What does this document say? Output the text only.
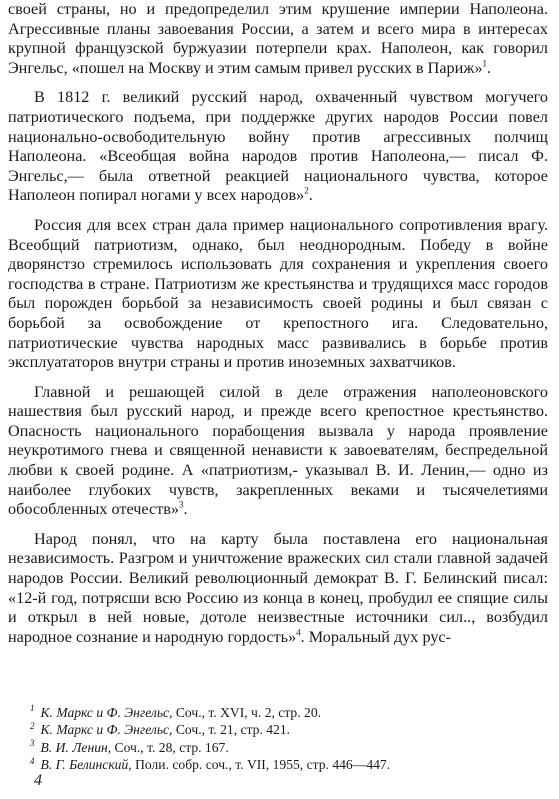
своей страны, но и предопределил этим крушение империи Наполеона. Агрессивные планы завоевания России, а затем и всего мира в интересах крупной французской буржуазии потерпели крах. Наполеон, как говорил Энгельс, «пошел на Москву и этим самым привел русских в Париж»$^1$.

В 1812 г. великий русский народ, охваченный чувством могучего патриотического подъема, при поддержке других народов России повел национально-освободительную войну против агрессивных полчищ Наполеона. «Всеобщая война народов против Наполеона,— писал Ф. Энгельс,— была ответной реакцией национального чувства, которое Наполеон попирал ногами у всех народов»$^2$.

Россия для всех стран дала пример национального сопротивления врагу. Всеобщий патриотизм, однако, был неоднородным. Победу в войне дворянстзо стремилось использовать для сохранения и укрепления своего господства в стране. Патриотизм же крестьянства и трудящихся масс городов был порожден борьбой за независимость своей родины и был связан с борьбой за освобождение от крепостного ига. Следовательно, патриотические чувства народных масс развивались в борьбе против эксплуататоров внутри страны и против иноземных захватчиков.

Главной и решающей силой в деле отражения наполеоновского нашествия был русский народ, и прежде всего крепостное крестьянство. Опасность национального порабощения вызвала у народа проявление неукротимого гнева и священной ненависти к завоевателям, беспредельной любви к своей родине. А «патриотизм,- указывал В. И. Ленин,— одно из наиболее глубоких чувств, закрепленных веками и тысячелетиями обособленных отечеств»$^3$.

Народ понял, что на карту была поставлена его национальная независимость. Разгром и уничтожение вражеских сил стали главной задачей народов России. Великий революционный демократ В. Г. Белинский писал: «12-й год, потрясши всю Россию из конца в конец, пробудил ее спящие силы и открыл в ней новые, дотоле неизвестные источники сил.., возбудил народное сознание и народную гордость»$^4$. Моральный дух рус-

$^1$ К. Маркс и Ф. Энгельс, Соч., т. XVI, ч. 2, стр. 20.

$^2$ К. Маркс и Ф. Энгельс, Соч., т. 21, стр. 421.

$^3$ В. И. Ленин, Соч., т. 28, стр. 167.

$^4$ В. Г. Белинский, Поли. собр. соч., т. VII, 1955, стр. 446—447.

4
